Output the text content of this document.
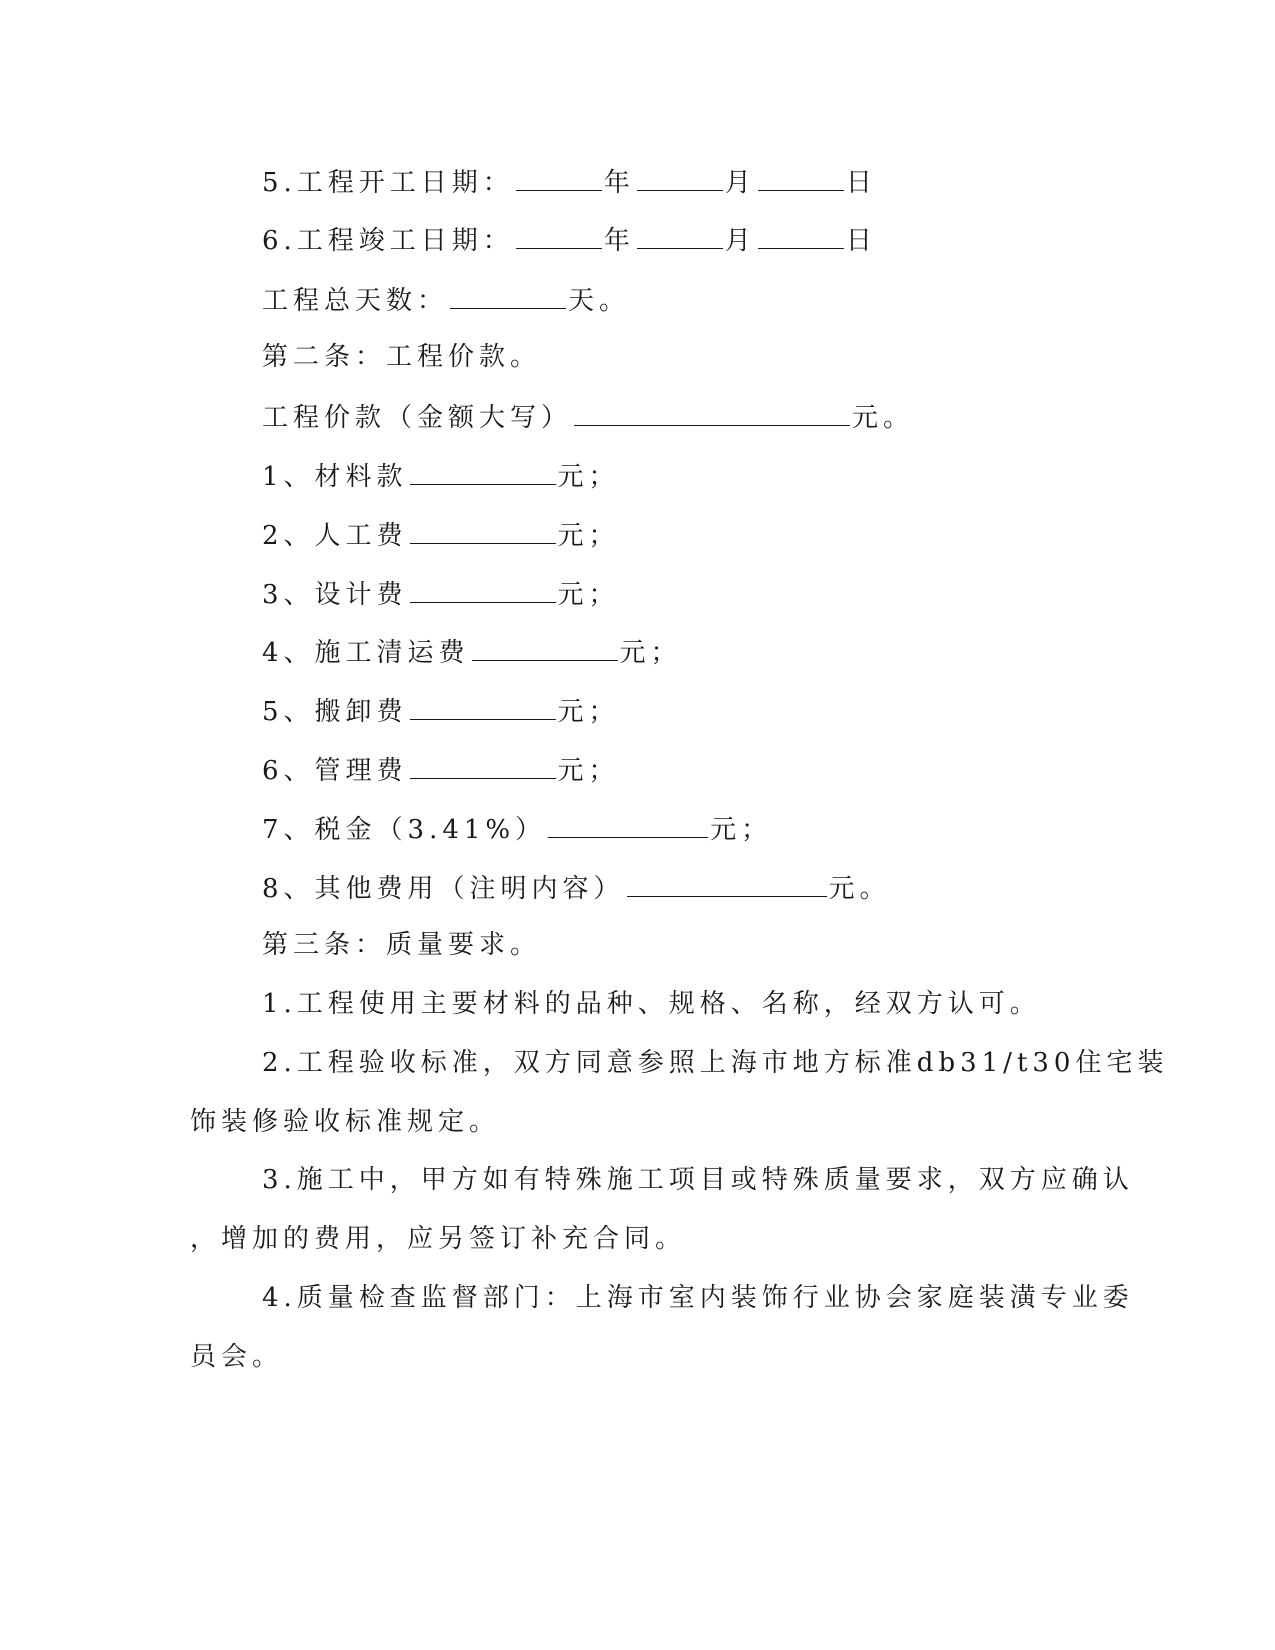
5.工程开工日期：	年	月	日
6.工程竣工日期：	年	月	日
工程总天数：	天。
第二条：工程价款。
工程价款（金额大写）	元。
1、材料款	元；
2、人工费	元；
3、设计费	元；
4、施工清运费	元；
5、搬卸费	元；
6、管理费	元；
7、税金（3.41%）	元；
8、其他费用（注明内容）	元。
第三条：质量要求。
1.工程使用主要材料的品种、规格、名称，经双方认可。
2.工程验收标准，双方同意参照上海市地方标准db31/t30住宅装
饰装修验收标准规定。
3.施工中，甲方如有特殊施工项目或特殊质量要求，双方应确认
，增加的费用，应另签订补充合同。
4.质量检查监督部门：上海市室内装饰行业协会家庭装潢专业委
员会。
